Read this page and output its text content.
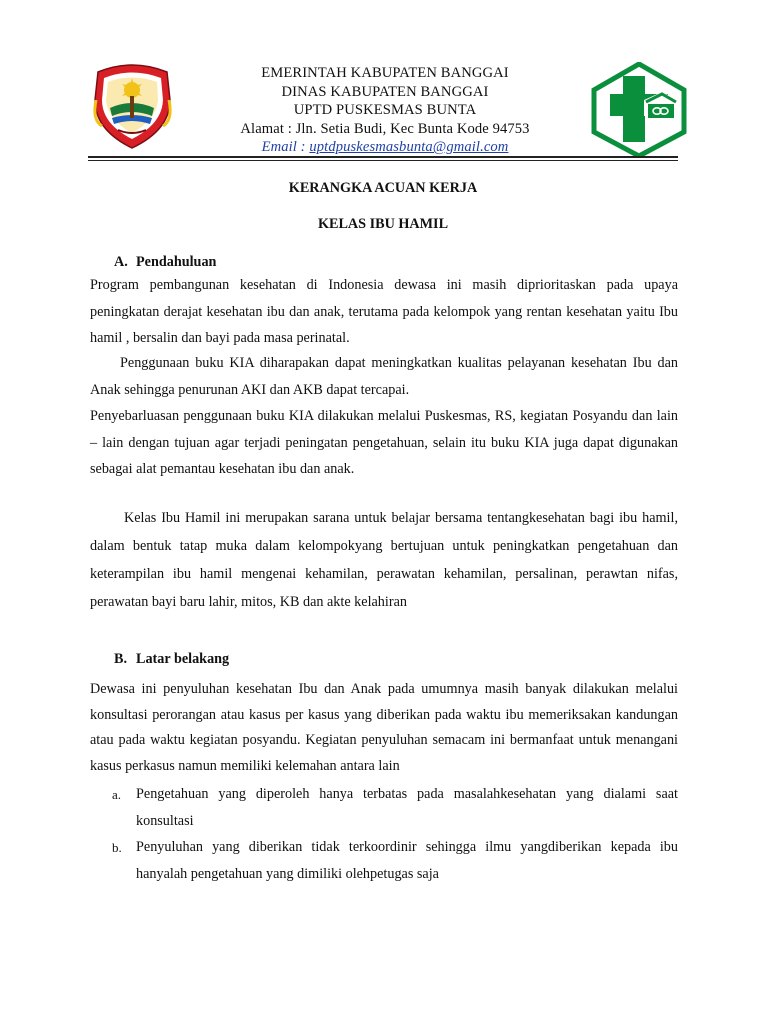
EMERINTAH KABUPATEN BANGGAI
DINAS KABUPATEN BANGGAI
UPTD PUSKESMAS BUNTA
Alamat : Jln. Setia Budi, Kec Bunta Kode 94753
Email : uptdpuskesmasbunta@gmail.com
KERANGKA ACUAN KERJA
KELAS IBU HAMIL
A. Pendahuluan

Program pembangunan kesehatan di Indonesia dewasa ini masih diprioritaskan pada upaya peningkatan derajat kesehatan ibu dan anak, terutama pada kelompok yang rentan kesehatan yaitu Ibu hamil , bersalin dan bayi pada masa perinatal.

Penggunaan buku KIA diharapakan dapat meningkatkan kualitas pelayanan kesehatan Ibu dan Anak sehingga penurunan AKI dan AKB dapat tercapai.

Penyebarluasan penggunaan buku KIA dilakukan melalui Puskesmas, RS, kegiatan Posyandu dan lain – lain dengan tujuan agar terjadi peningatan pengetahuan, selain itu buku KIA juga dapat digunakan sebagai alat pemantau kesehatan ibu dan anak.

Kelas Ibu Hamil ini merupakan sarana untuk belajar bersama tentangkesehatan bagi ibu hamil, dalam bentuk tatap muka dalam kelompokyang bertujuan untuk peningkatkan pengetahuan dan keterampilan ibu hamil mengenai kehamilan, perawatan kehamilan, persalinan, perawtan nifas, perawatan bayi baru lahir, mitos, KB dan akte kelahiran

B. Latar belakang

Dewasa ini penyuluhan kesehatan Ibu dan Anak pada umumnya masih banyak dilakukan melalui konsultasi perorangan atau kasus per kasus yang diberikan pada waktu ibu memeriksakan kandungan atau pada waktu kegiatan posyandu. Kegiatan penyuluhan semacam ini bermanfaat untuk menangani kasus perkasus namun memiliki kelemahan antara lain

a. Pengetahuan yang diperoleh hanya terbatas pada masalahkesehatan yang dialami saat konsultasi
b. Penyuluhan yang diberikan tidak terkoordinir sehingga ilmu yangdiberikan kepada ibu hanyalah pengetahuan yang dimiliki olehpetugas saja
